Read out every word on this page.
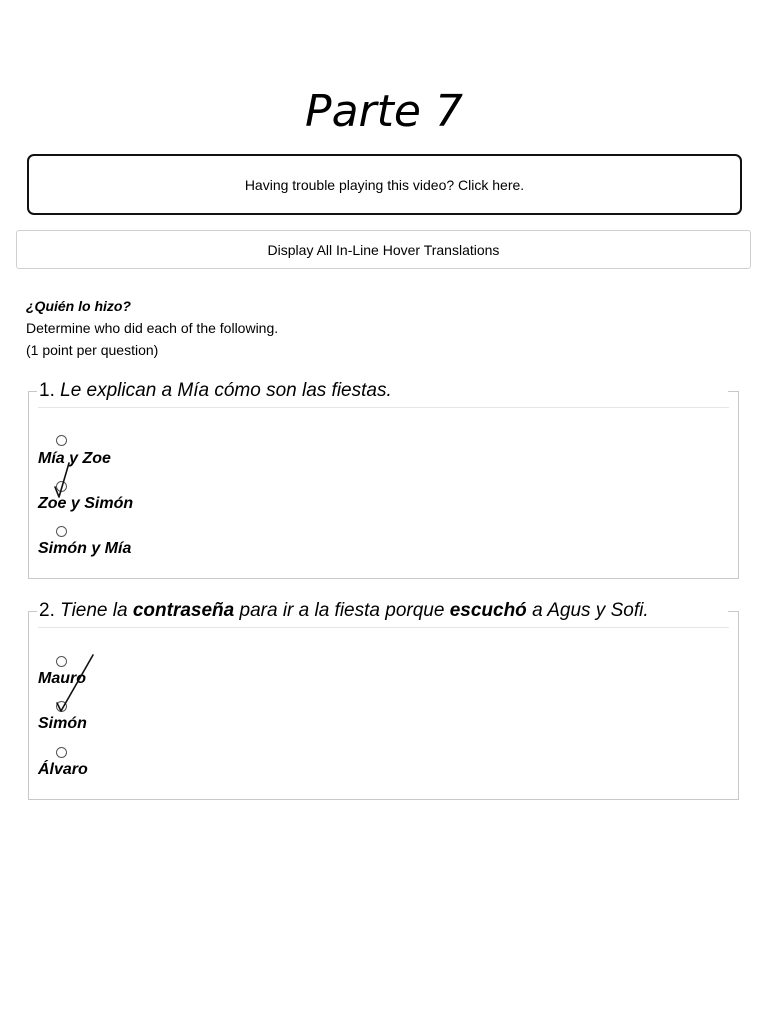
Parte 7
Having trouble playing this video? Click here.
Display All In-Line Hover Translations
¿Quién lo hizo?
Determine who did each of the following.
(1 point per question)
1. Le explican a Mía cómo son las fiestas.
Mía y Zoe
Zoe y Simón
Simón y Mía
2. Tiene la contraseña para ir a la fiesta porque escuchó a Agus y Sofi.
Mauro
Simón
Álvaro
